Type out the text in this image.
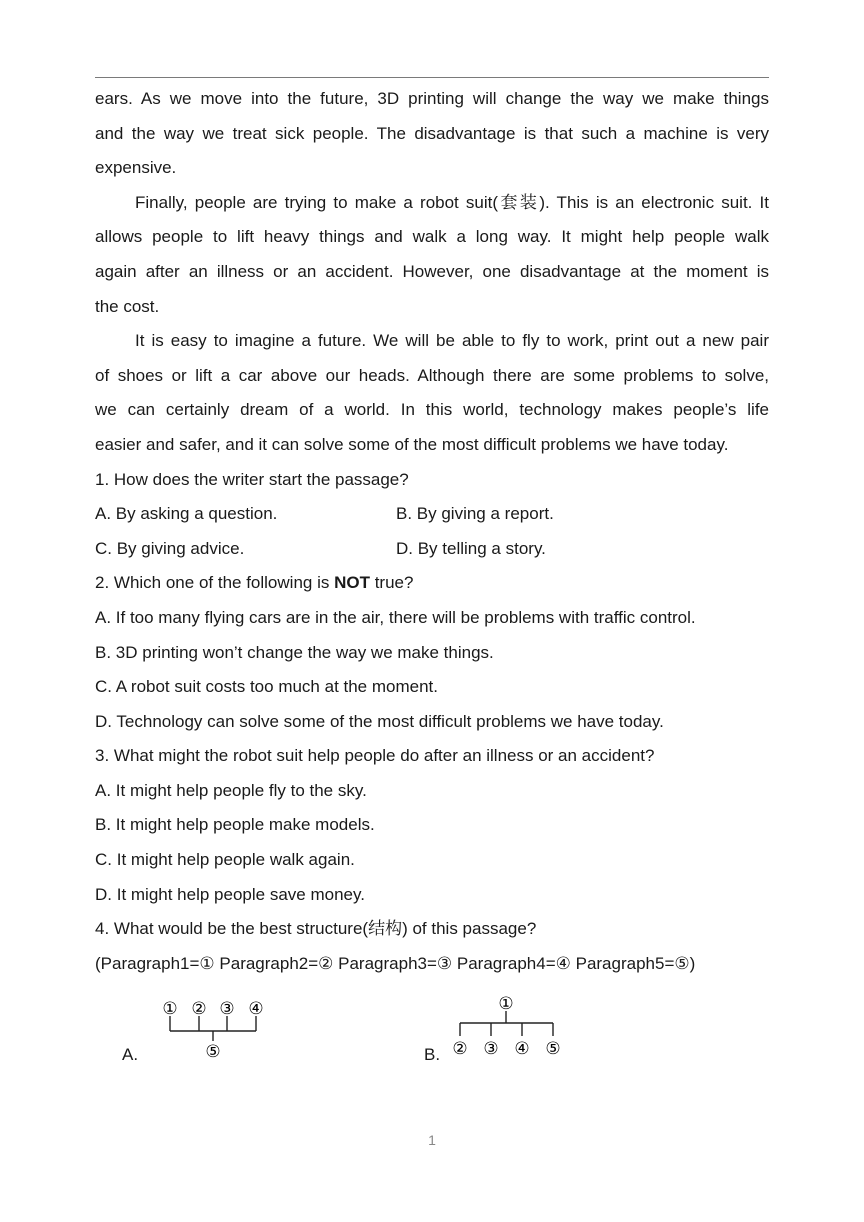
ears. As we move into the future, 3D printing will change the way we make things
and the way we treat sick people. The disadvantage is that such a machine is very
expensive.
Finally, people are trying to make a robot suit(套装). This is an electronic suit. It
allows people to lift heavy things and walk a long way. It might help people walk
again after an illness or an accident. However, one disadvantage at the moment is
the cost.
It is easy to imagine a future. We will be able to fly to work, print out a new pair
of shoes or lift a car above our heads. Although there are some problems to solve,
we can certainly dream of a world. In this world, technology makes people’s life
easier and safer, and it can solve some of the most difficult problems we have today.
1. How does the writer start the passage?
A. By asking a question.	B. By giving a report.
C. By giving advice.	D. By telling a story.
2. Which one of the following is NOT true?
A. If too many flying cars are in the air, there will be problems with traffic control.
B. 3D printing won’t change the way we make things.
C. A robot suit costs too much at the moment.
D. Technology can solve some of the most difficult problems we have today.
3. What might the robot suit help people do after an illness or an accident?
A. It might help people fly to the sky.
B. It might help people make models.
C. It might help people walk again.
D. It might help people save money.
4. What would be the best structure(结构) of this passage?
(Paragraph1=① Paragraph2=② Paragraph3=③ Paragraph4=④ Paragraph5=⑤)
A.
① ② ③ ④
⑤	B.
①
② ③ ④ ⑤
1
